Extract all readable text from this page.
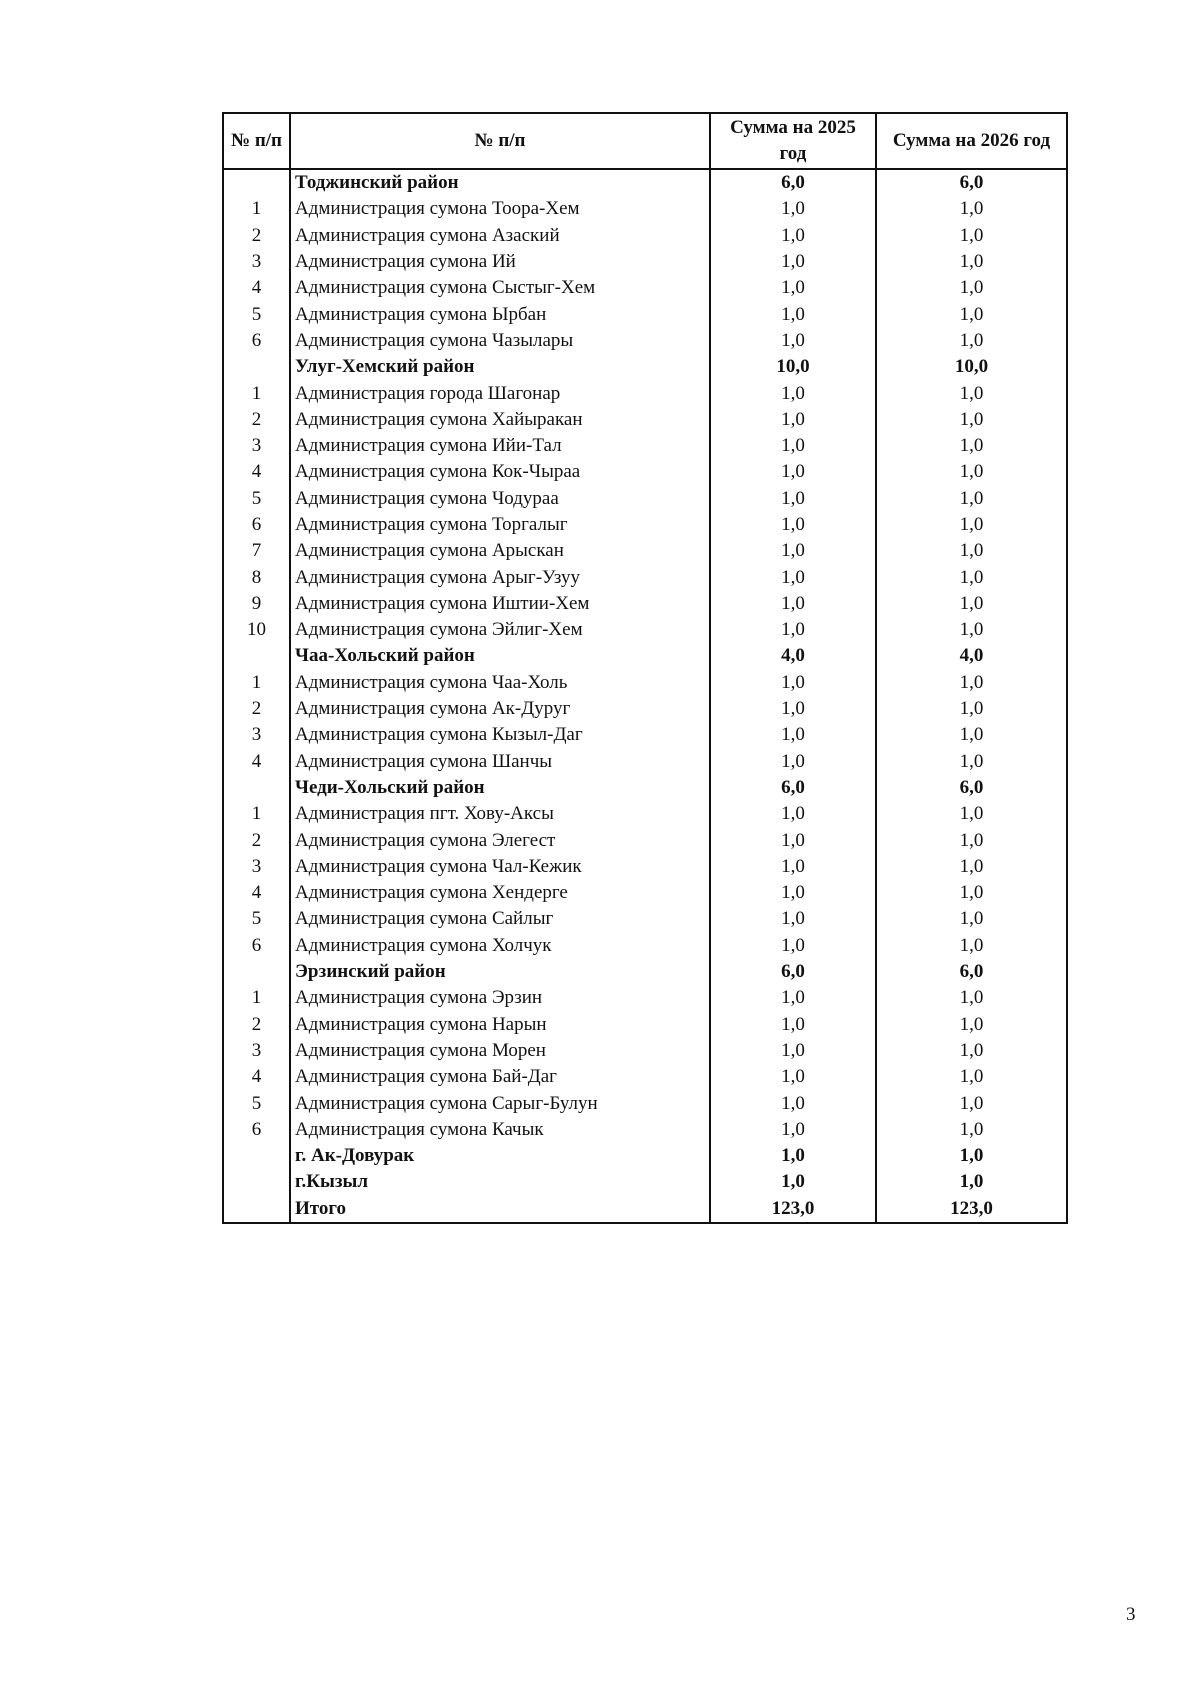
№ п/п	№ п/п	Сумма на 2025 год	Сумма на 2026 год
	Тоджинский район	6,0	6,0
1	Администрация сумона Тоора-Хем	1,0	1,0
2	Администрация сумона Азаский	1,0	1,0
3	Администрация сумона Ий	1,0	1,0
4	Администрация сумона Сыстыг-Хем	1,0	1,0
5	Администрация сумона Ырбан	1,0	1,0
6	Администрация сумона Чазылары	1,0	1,0
	Улуг-Хемский район	10,0	10,0
1	Администрация города Шагонар	1,0	1,0
2	Администрация сумона Хайыракан	1,0	1,0
3	Администрация сумона Ийи-Тал	1,0	1,0
4	Администрация сумона Кок-Чыраа	1,0	1,0
5	Администрация сумона Чодураа	1,0	1,0
6	Администрация сумона Торгалыг	1,0	1,0
7	Администрация сумона Арыскан	1,0	1,0
8	Администрация сумона Арыг-Узуу	1,0	1,0
9	Администрация сумона Иштии-Хем	1,0	1,0
10	Администрация сумона Эйлиг-Хем	1,0	1,0
	Чаа-Хольский район	4,0	4,0
1	Администрация сумона Чаа-Холь	1,0	1,0
2	Администрация сумона Ак-Дуруг	1,0	1,0
3	Администрация сумона Кызыл-Даг	1,0	1,0
4	Администрация сумона Шанчы	1,0	1,0
	Чеди-Хольский район	6,0	6,0
1	Администрация пгт. Хову-Аксы	1,0	1,0
2	Администрация сумона Элегест	1,0	1,0
3	Администрация сумона Чал-Кежик	1,0	1,0
4	Администрация сумона Хендерге	1,0	1,0
5	Администрация сумона Сайлыг	1,0	1,0
6	Администрация сумона Холчук	1,0	1,0
	Эрзинский район	6,0	6,0
1	Администрация сумона Эрзин	1,0	1,0
2	Администрация сумона Нарын	1,0	1,0
3	Администрация сумона Морен	1,0	1,0
4	Администрация сумона Бай-Даг	1,0	1,0
5	Администрация сумона Сарыг-Булун	1,0	1,0
6	Администрация сумона Качык	1,0	1,0
	г. Ак-Довурак	1,0	1,0
	г.Кызыл	1,0	1,0
	Итого	123,0	123,0
3
